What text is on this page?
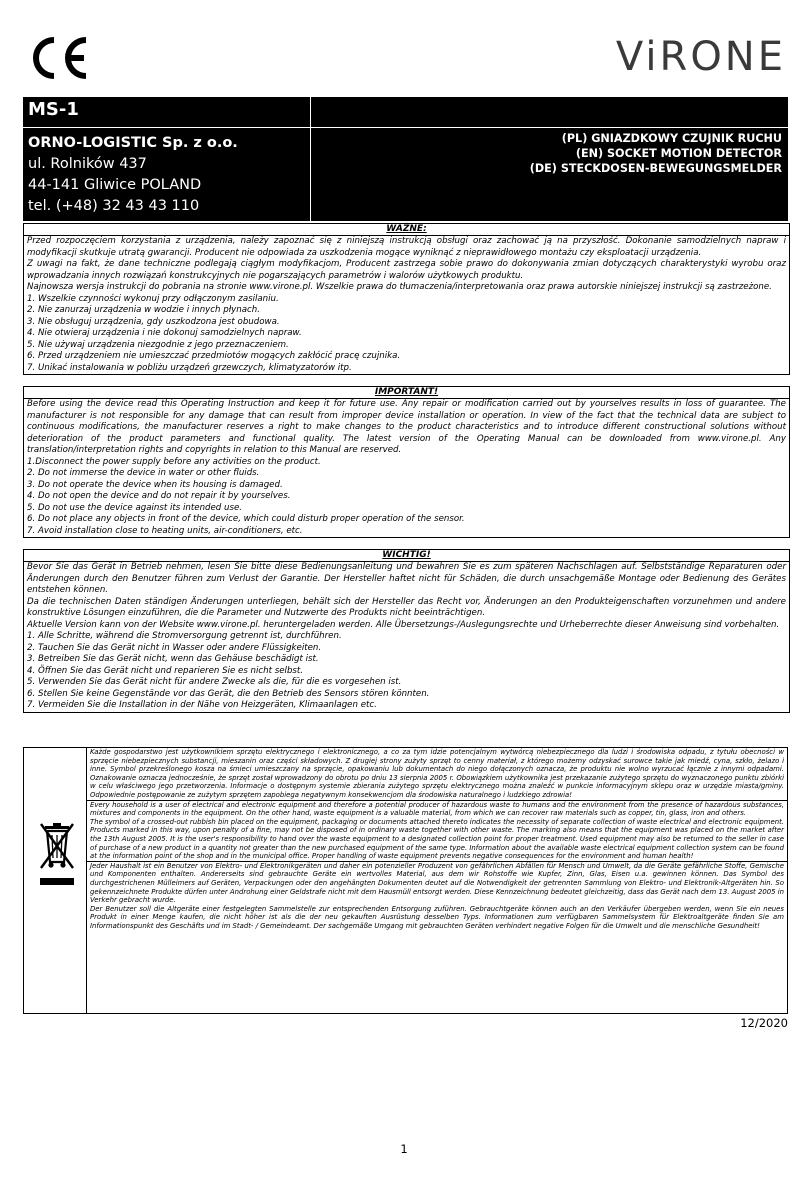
ViRONE
MS-1
ORNO-LOGISTIC Sp. z o.o.
ul. Rolników 437
44-141 Gliwice POLAND
tel. (+48) 32 43 43 110
(PL) GNIAZDKOWY CZUJNIK RUCHU
(EN) SOCKET MOTION DETECTOR
(DE) STECKDOSEN-BEWEGUNGSMELDER
WAŻNE:

Przed rozpoczęciem korzystania z urządzenia, należy zapoznać się z niniejszą instrukcją obsługi oraz zachować ją na przyszłość. Dokonanie samodzielnych napraw i modyfikacji skutkuje utratą gwarancji. Producent nie odpowiada za uszkodzenia mogące wyniknąć z nieprawidłowego montażu czy eksploatacji urządzenia.

Z uwagi na fakt, że dane techniczne podlegają ciągłym modyfikacjom, Producent zastrzega sobie prawo do dokonywania zmian dotyczących charakterystyki wyrobu oraz wprowadzania innych rozwiązań konstrukcyjnych nie pogarszających parametrów i walorów użytkowych produktu.

Najnowsza wersja instrukcji do pobrania na stronie www.virone.pl. Wszelkie prawa do tłumaczenia/interpretowania oraz prawa autorskie niniejszej instrukcji są zastrzeżone.

1. Wszelkie czynności wykonuj przy odłączonym zasilaniu.

2. Nie zanurzaj urządzenia w wodzie i innych płynach.

3. Nie obsługuj urządzenia, gdy uszkodzona jest obudowa.

4. Nie otwieraj urządzenia i nie dokonuj samodzielnych napraw.

5. Nie używaj urządzenia niezgodnie z jego przeznaczeniem.

6. Przed urządzeniem nie umieszczać przedmiotów mogących zakłócić pracę czujnika.

7. Unikać instalowania w pobliżu urządzeń grzewczych, klimatyzatorów itp.

IMPORTANT!

Before using the device read this Operating Instruction and keep it for future use. Any repair or modification carried out by yourselves results in loss of guarantee. The manufacturer is not responsible for any damage that can result from improper device installation or operation. In view of the fact that the technical data are subject to continuous modifications, the manufacturer reserves a right to make changes to the product characteristics and to introduce different constructional solutions without deterioration of the product parameters and functional quality. The latest version of the Operating Manual can be downloaded from www.virone.pl. Any translation/interpretation rights and copyrights in relation to this Manual are reserved.

1.Disconnect the power supply before any activities on the product.

2. Do not immerse the device in water or other fluids.

3. Do not operate the device when its housing is damaged.

4. Do not open the device and do not repair it by yourselves.

5. Do not use the device against its intended use.

6. Do not place any objects in front of the device, which could disturb proper operation of the sensor.

7. Avoid installation close to heating units, air-conditioners, etc.

WICHTIG!

Bevor Sie das Gerät in Betrieb nehmen, lesen Sie bitte diese Bedienungsanleitung und bewahren Sie es zum späteren Nachschlagen auf. Selbstständige Reparaturen oder Änderungen durch den Benutzer führen zum Verlust der Garantie. Der Hersteller haftet nicht für Schäden, die durch unsachgemäße Montage oder Bedienung des Gerätes entstehen können.

Da die technischen Daten ständigen Änderungen unterliegen, behält sich der Hersteller das Recht vor, Änderungen an den Produkteigenschaften vorzunehmen und andere konstruktive Lösungen einzuführen, die die Parameter und Nutzwerte des Produkts nicht beeinträchtigen.

Aktuelle Version kann von der Website www.virone.pl. heruntergeladen werden. Alle Übersetzungs-/Auslegungsrechte und Urheberrechte dieser Anweisung sind vorbehalten.

1. Alle Schritte, während die Stromversorgung getrennt ist, durchführen.

2. Tauchen Sie das Gerät nicht in Wasser oder andere Flüssigkeiten.

3. Betreiben Sie das Gerät nicht, wenn das Gehäuse beschädigt ist.

4. Öffnen Sie das Gerät nicht und reparieren Sie es nicht selbst.

5. Verwenden Sie das Gerät nicht für andere Zwecke als die, für die es vorgesehen ist.

6. Stellen Sie keine Gegenstände vor das Gerät, die den Betrieb des Sensors stören könnten.

7. Vermeiden Sie die Installation in der Nähe von Heizgeräten, Klimaanlagen etc.

Każde gospodarstwo jest użytkownikiem sprzętu elektrycznego i elektronicznego, a co za tym idzie potencjalnym wytwórcą niebezpiecznego dla ludzi i środowiska odpadu, z tytułu obecności w sprzęcie niebezpiecznych substancji, mieszanin oraz części składowych. Z drugiej strony zużyty sprzęt to cenny materiał, z którego możemy odzyskać surowce takie jak miedź, cyna, szkło, żelazo i inne. Symbol przekreślonego kosza na śmieci umieszczany na sprzęcie, opakowaniu lub dokumentach do niego dołączonych oznacza, że produktu nie wolno wyrzucać łącznie z innymi odpadami. Oznakowanie oznacza jednocześnie, że sprzęt został wprowadzony do obrotu po dniu 13 sierpnia 2005 r. Obowiązkiem użytkownika jest przekazanie zużytego sprzętu do wyznaczonego punktu zbiórki w celu właściwego jego przetworzenia. Informacje o dostępnym systemie zbierania zużytego sprzętu elektrycznego można znaleźć w punkcie informacyjnym sklepu oraz w urzędzie miasta/gminy. Odpowiednie postępowanie ze zużytym sprzętem zapobiega negatywnym konsekwencjom dla środowiska naturalnego i ludzkiego zdrowia!

Every household is a user of electrical and electronic equipment and therefore a potential producer of hazardous waste to humans and the environment from the presence of hazardous substances, mixtures and components in the equipment. On the other hand, waste equipment is a valuable material, from which we can recover raw materials such as copper, tin, glass, iron and others.

The symbol of a crossed-out rubbish bin placed on the equipment, packaging or documents attached thereto indicates the necessity of separate collection of waste electrical and electronic equipment. Products marked in this way, upon penalty of a fine, may not be disposed of in ordinary waste together with other waste. The marking also means that the equipment was placed on the market after the 13th August 2005. It is the user's responsibility to hand over the waste equipment to a designated collection point for proper treatment. Used equipment may also be returned to the seller in case of purchase of a new product in a quantity not greater than the new purchased equipment of the same type. Information about the available waste electrical equipment collection system can be found at the information point of the shop and in the municipal office. Proper handling of waste equipment prevents negative consequences for the environment and human health!

Jeder Haushalt ist ein Benutzer von Elektro- und Elektronikgeräten und daher ein potenzieller Produzent von gefährlichen Abfällen für Mensch und Umwelt, da die Geräte gefährliche Stoffe, Gemische und Komponenten enthalten. Andererseits sind gebrauchte Geräte ein wertvolles Material, aus dem wir Rohstoffe wie Kupfer, Zinn, Glas, Eisen u.a. gewinnen können. Das Symbol des durchgestrichenen Mülleimers auf Geräten, Verpackungen oder den angehängten Dokumenten deutet auf die Notwendigkeit der getrennten Sammlung von Elektro- und Elektronik-Altgeräten hin. So gekennzeichnete Produkte dürfen unter Androhung einer Geldstrafe nicht mit dem Hausmüll entsorgt werden. Diese Kennzeichnung bedeutet gleichzeitig, dass das Gerät nach dem 13. August 2005 in Verkehr gebracht wurde.

Der Benutzer soll die Altgeräte einer festgelegten Sammelstelle zur entsprechenden Entsorgung zuführen. Gebrauchtgeräte können auch an den Verkäufer übergeben werden, wenn Sie ein neues Produkt in einer Menge kaufen, die nicht höher ist als die der neu gekauften Ausrüstung desselben Typs. Informationen zum verfügbaren Sammelsystem für Elektroaltgeräte finden Sie am Informationspunkt des Geschäfts und im Stadt- / Gemeindeamt. Der sachgemäße Umgang mit gebrauchten Geräten verhindert negative Folgen für die Umwelt und die menschliche Gesundheit!

12/2020
1
